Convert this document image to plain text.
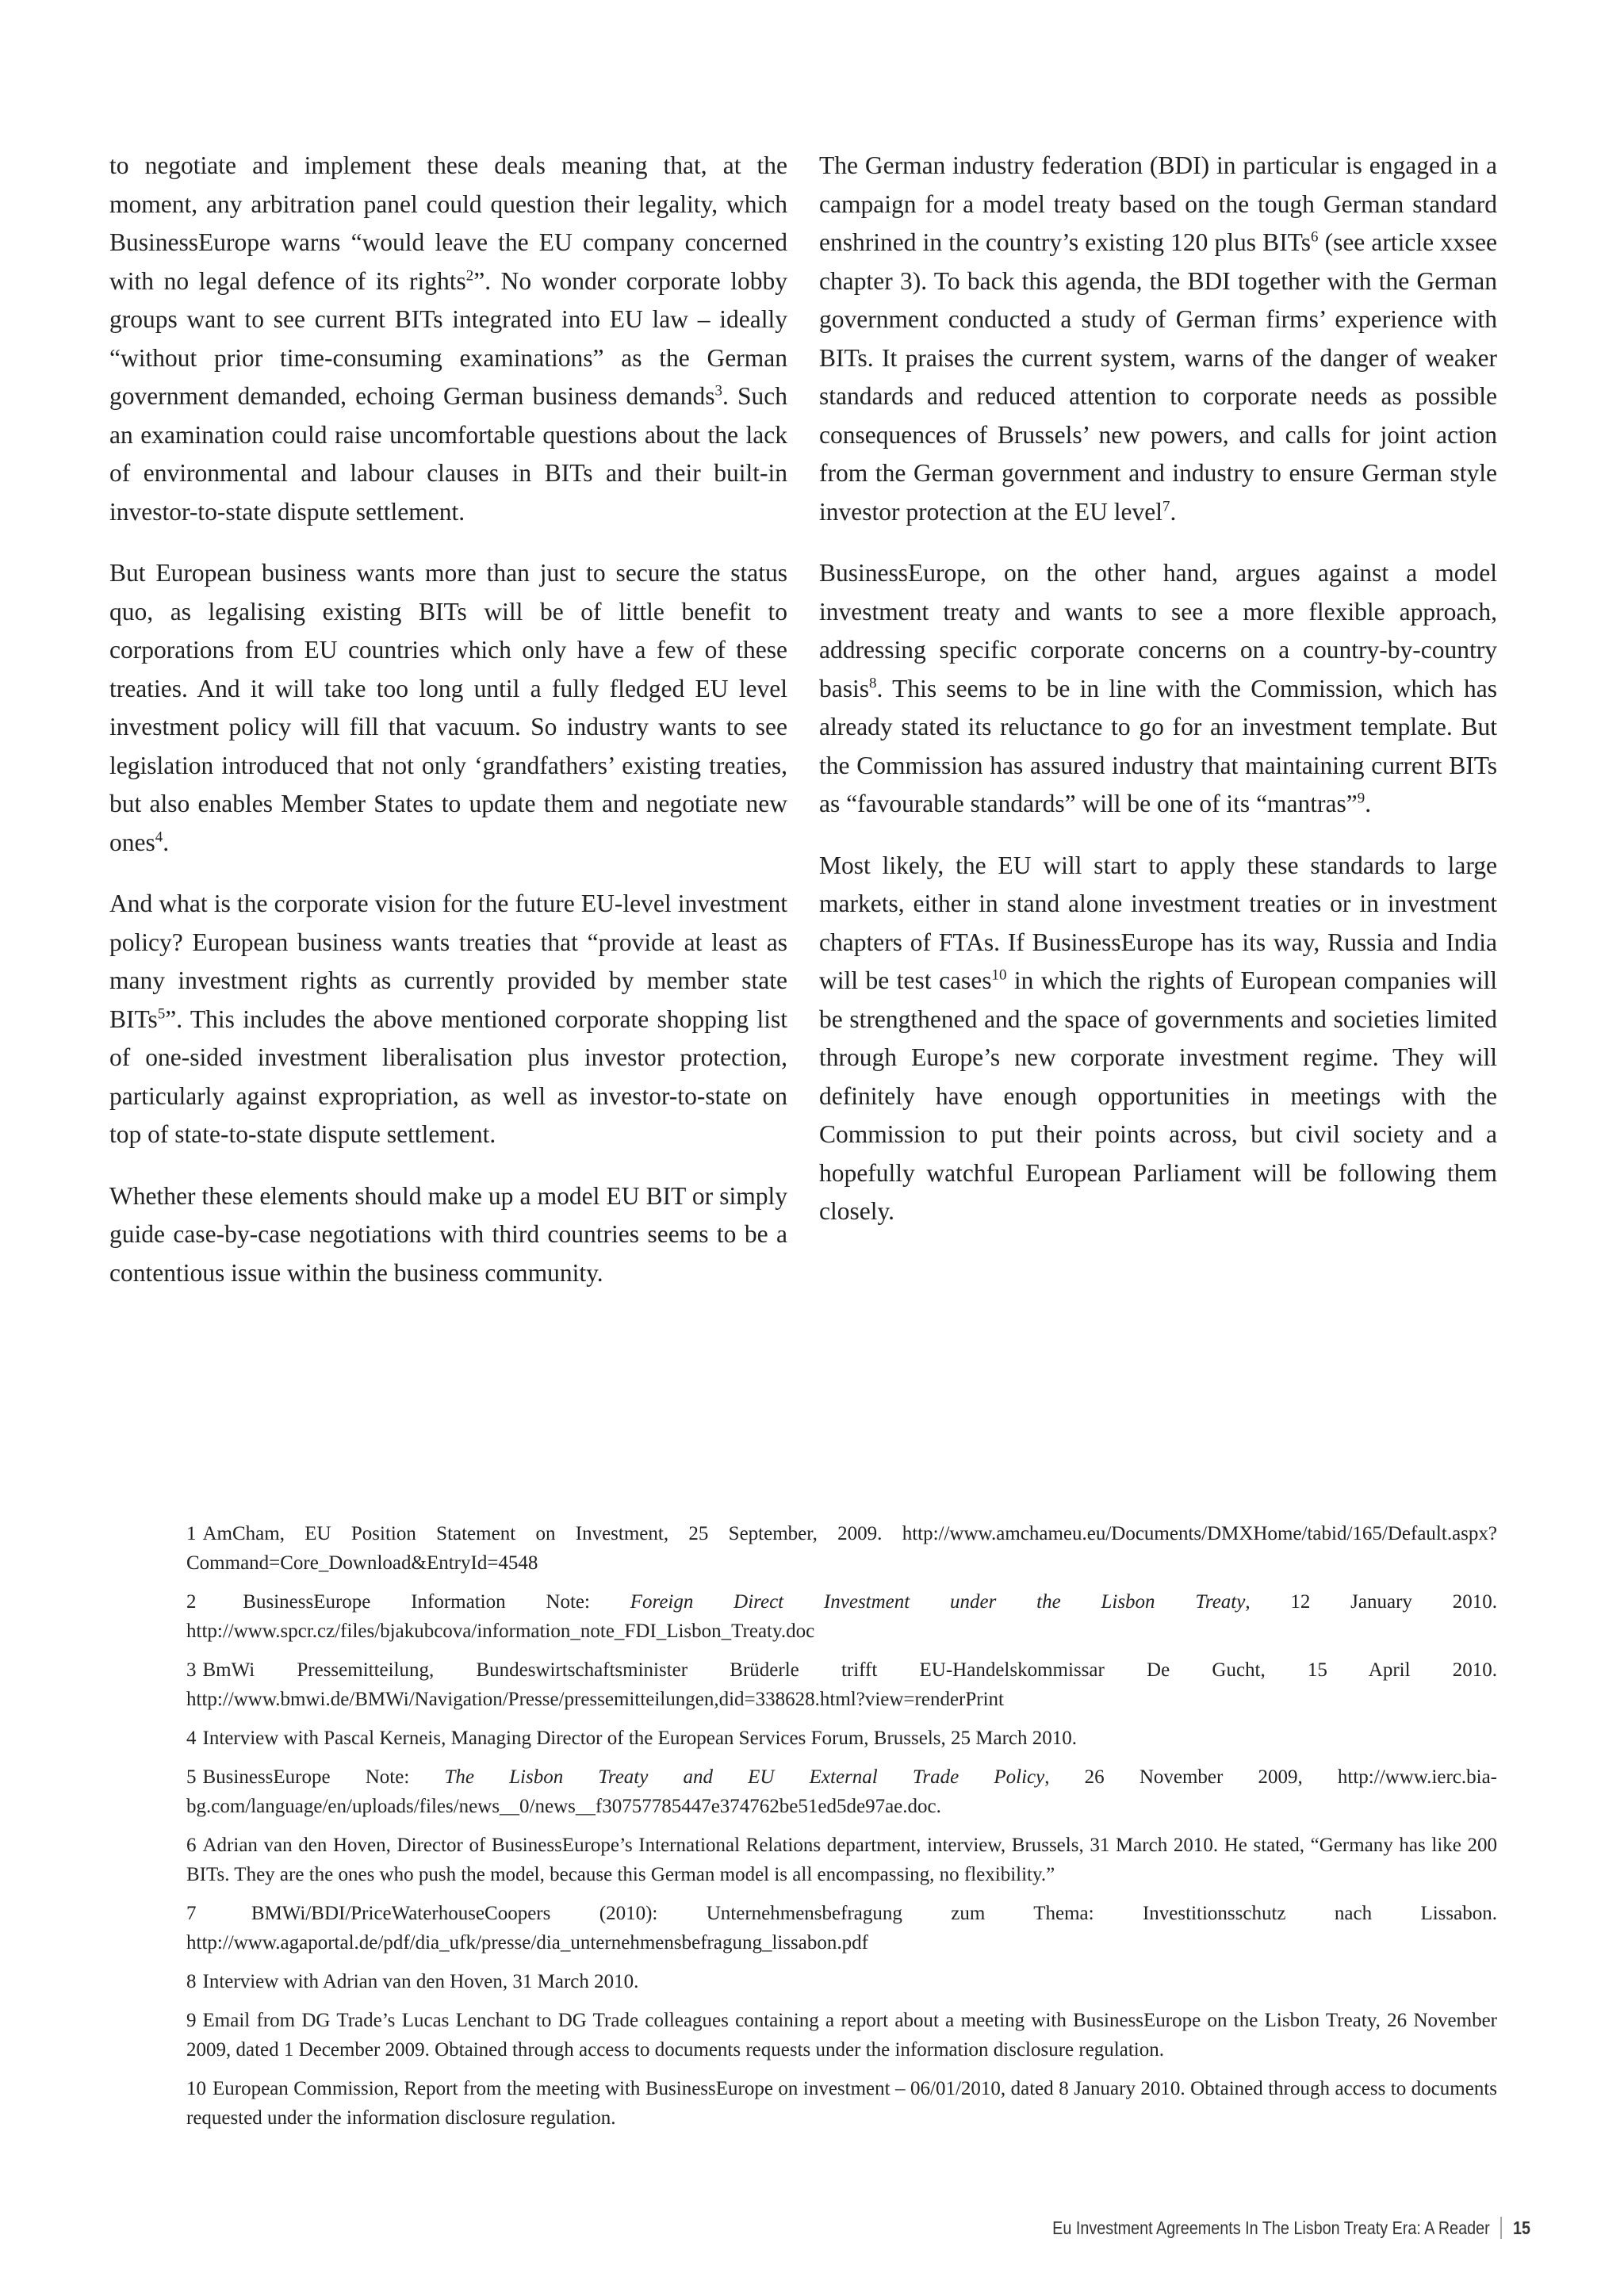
to negotiate and implement these deals meaning that, at the moment, any arbitration panel could question their legality, which BusinessEurope warns “would leave the EU company concerned with no legal defence of its rights$^2$”. No wonder corporate lobby groups want to see current BITs integrated into EU law – ideally “without prior time-consuming examinations” as the German government demanded, echoing German business demands$^3$. Such an examination could raise uncomfortable questions about the lack of environmental and labour clauses in BITs and their built-in investor-to-state dispute settlement.

But European business wants more than just to secure the status quo, as legalising existing BITs will be of little benefit to corporations from EU countries which only have a few of these treaties. And it will take too long until a fully fledged EU level investment policy will fill that vacuum. So industry wants to see legislation introduced that not only ‘grandfathers’ existing treaties, but also enables Member States to update them and negotiate new ones$^4$.

And what is the corporate vision for the future EU-level investment policy? European business wants treaties that “provide at least as many investment rights as currently provided by member state BITs$^5$”. This includes the above mentioned corporate shopping list of one-sided investment liberalisation plus investor protection, particularly against expropriation, as well as investor-to-state on top of state-to-state dispute settlement.

Whether these elements should make up a model EU BIT or simply guide case-by-case negotiations with third countries seems to be a contentious issue within the business community.

The German industry federation (BDI) in particular is engaged in a campaign for a model treaty based on the tough German standard enshrined in the country’s existing 120 plus BITs$^6$ (see article xxsee chapter 3). To back this agenda, the BDI together with the German government conducted a study of German firms’ experience with BITs. It praises the current system, warns of the danger of weaker standards and reduced attention to corporate needs as possible consequences of Brussels’ new powers, and calls for joint action from the German government and industry to ensure German style investor protection at the EU level$^7$.

BusinessEurope, on the other hand, argues against a model investment treaty and wants to see a more flexible approach, addressing specific corporate concerns on a country-by-country basis$^8$. This seems to be in line with the Commission, which has already stated its reluctance to go for an investment template. But the Commission has assured industry that maintaining current BITs as “favourable standards” will be one of its “mantras”$^9$.

Most likely, the EU will start to apply these standards to large markets, either in stand alone investment treaties or in investment chapters of FTAs. If BusinessEurope has its way, Russia and India will be test cases$^{10}$ in which the rights of European companies will be strengthened and the space of governments and societies limited through Europe’s new corporate investment regime. They will definitely have enough opportunities in meetings with the Commission to put their points across, but civil society and a hopefully watchful European Parliament will be following them closely.

1 AmCham, EU Position Statement on Investment, 25 September, 2009. http://www.amchameu.eu/Documents/DMXHome/tabid/165/Default.aspx?Command=Core_Download&EntryId=4548
2 BusinessEurope Information Note: Foreign Direct Investment under the Lisbon Treaty, 12 January 2010. http://www.spcr.cz/files/bjakubcova/information_note_FDI_Lisbon_Treaty.doc
3 BmWi Pressemitteilung, Bundeswirtschaftsminister Brüderle trifft EU-Handelskommissar De Gucht, 15 April 2010. http://www.bmwi.de/BMWi/Navigation/Presse/pressemitteilungen,did=338628.html?view=renderPrint
4 Interview with Pascal Kerneis, Managing Director of the European Services Forum, Brussels, 25 March 2010.
5 BusinessEurope Note: The Lisbon Treaty and EU External Trade Policy, 26 November 2009, http://www.ierc.bia-bg.com/language/en/uploads/files/news__0/news__f30757785447e374762be51ed5de97ae.doc.
6 Adrian van den Hoven, Director of BusinessEurope’s International Relations department, interview, Brussels, 31 March 2010. He stated, “Germany has like 200 BITs. They are the ones who push the model, because this German model is all encompassing, no flexibility.”
7 BMWi/BDI/PriceWaterhouseCoopers (2010): Unternehmensbefragung zum Thema: Investitionsschutz nach Lissabon. http://www.agaportal.de/pdf/dia_ufk/presse/dia_unternehmensbefragung_lissabon.pdf
8 Interview with Adrian van den Hoven, 31 March 2010.
9 Email from DG Trade’s Lucas Lenchant to DG Trade colleagues containing a report about a meeting with BusinessEurope on the Lisbon Treaty, 26 November 2009, dated 1 December 2009. Obtained through access to documents requests under the information disclosure regulation.
10 European Commission, Report from the meeting with BusinessEurope on investment – 06/01/2010, dated 8 January 2010. Obtained through access to documents requested under the information disclosure regulation.
Eu Investment Agreements In The Lisbon Treaty Era: A Reader 15
